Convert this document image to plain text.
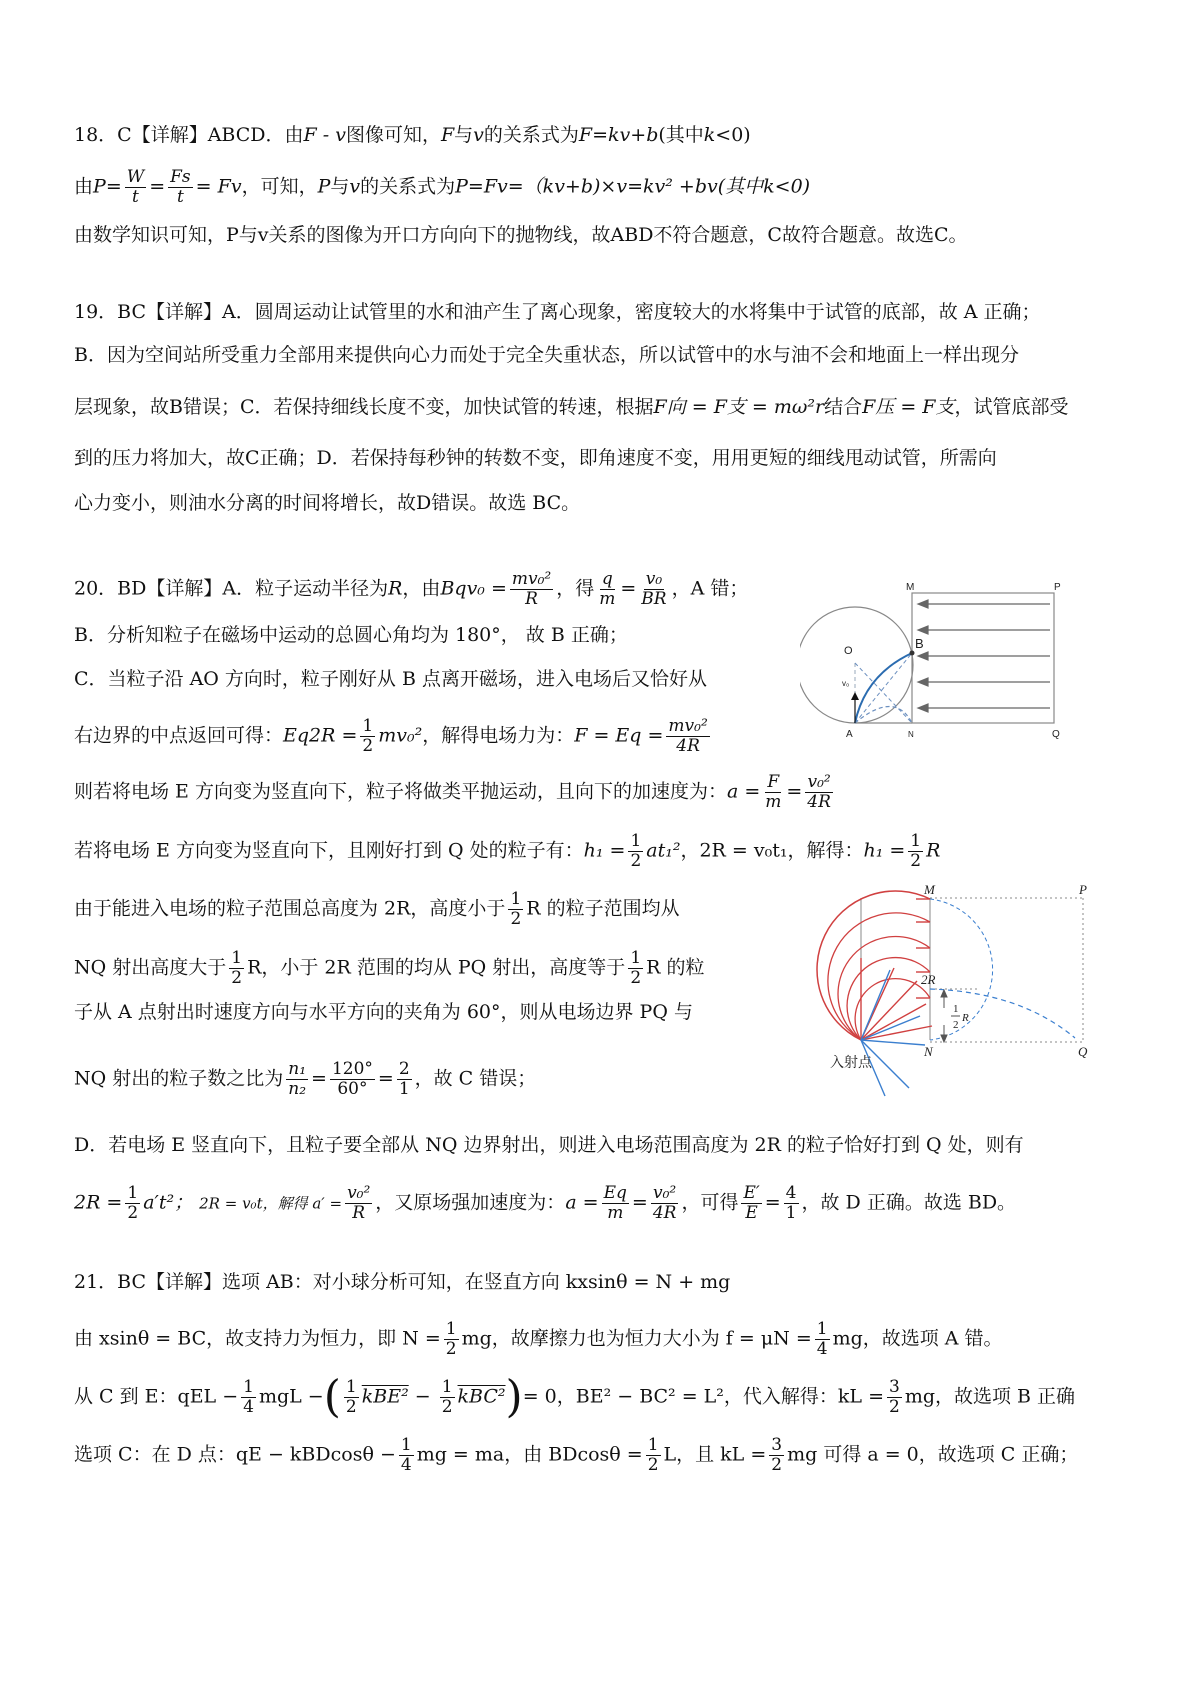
18．C【详解】ABCD．由F - v图像可知，F与v的关系式为F=kv+b(其中k<0)
由$P= \frac{W}{t} = \frac{Fs}{t} = Fv$，可知，P与v的关系式为P=Fv=（kv+b)×v=kv² +bv(其中k<0)
由数学知识可知，P与v关系的图像为开口方向向下的抛物线，故ABD不符合题意，C故符合题意。故选C。
19．BC【详解】A．圆周运动让试管里的水和油产生了离心现象，密度较大的水将集中于试管的底部，故 A 正确；
B．因为空间站所受重力全部用来提供向心力而处于完全失重状态，所以试管中的水与油不会和地面上一样出现分
层现象，故B错误；C．若保持细线长度不变，加快试管的转速，根据F向 = F支 = mω²r结合F压 = F支，试管底部受
到的压力将加大，故C正确；D．若保持每秒钟的转数不变，即角速度不变，用用更短的细线甩动试管，所需向
心力变小，则油水分离的时间将增长，故D错误。故选 BC。
20．BD【详解】A．粒子运动半径为R，由$Bqv_0 = \frac{\text{mv₀²}}{R}$ ，得 $\frac{q}{m} = \frac{\text{v₀}}{BR}$ ，A 错；
B．分析知粒子在磁场中运动的总圆心角均为 180°， 故 B 正确；
C．当粒子沿 AO 方向时，粒子刚好从 B 点离开磁场，进入电场后又恰好从
右边界的中点返回可得：$Eq2R = \frac{1}{2} mv_0^2$，解得电场力为：$F = Eq = \frac{\text{mv₀²}}{4R}$
则若将电场 E 方向变为竖直向下，粒子将做类平抛运动，且向下的加速度为：$a = \frac{F}{m} = \frac{\text{v₀²}}{4R}$
若将电场 E 方向变为竖直向下，且刚好打到 Q 处的粒子有：$h_1 = \frac{1}{2} at_1^2$，2R = v₀t₁，解得：$h_1 = \frac{1}{2}$ R
由于能进入电场的粒子范围总高度为 2R，高度小于 $\frac{1}{2}$ R 的粒子范围均从
NQ 射出高度大于 $\frac{1}{2}$ R，小于 2R 范围的均从 PQ 射出，高度等于 $\frac{1}{2}$ R 的粒
子从 A 点射出时速度方向与水平方向的夹角为 60°，则从电场边界 PQ 与
NQ 射出的粒子数之比为 $\frac{\text{n₁}}{\text{n₂}} = \frac{120^\circ}{60^\circ} = \frac{2}{1}$ ，故 C 错误；
D．若电场 E 竖直向下，且粒子要全部从 NQ 边界射出，则进入电场范围高度为 2R 的粒子恰好打到 Q 处，则有
$2R = \frac{1}{2} a't^2$； 2R = v₀t，解得 $a' = \frac{\text{v₀²}}{R}$ ，又原场强加速度为：$a = \frac{Eq}{m} = \frac{\text{v₀²}}{4R}$ ，可得 $\frac{E'}{E} = \frac{4}{1}$ ，故 D 正确。故选 BD。
21．BC【详解】选项 AB：对小球分析可知，在竖直方向 kxsinθ = N + mg
由 xsinθ = BC，故支持力为恒力，即 $N = \frac{1}{2}$ mg，故摩擦力也为恒力大小为 $f = \mu N = \frac{1}{4}$ mg，故选项 A 错。
从 C 到 E：qEL − $\frac{1}{4}$ mgL −( $\frac{1}{2} kBE^2 - \frac{1}{2} kBC^2)= 0$，BE² − BC² = L²，代入解得：kL = $\frac{3}{2}$ mg，故选项 B 正确
选项 C：在 D 点：qE − $kBDcos\theta - \frac{1}{4}$ mg = ma，由 $BDcos\theta = \frac{1}{2}$ L，且 kL = $\frac{3}{2}$ mg 可得 a = 0，故选项 C 正确；
M	P
B
O
v₀
A	N	Q
M	P
2R
1
2
R
N	Q
入射点
